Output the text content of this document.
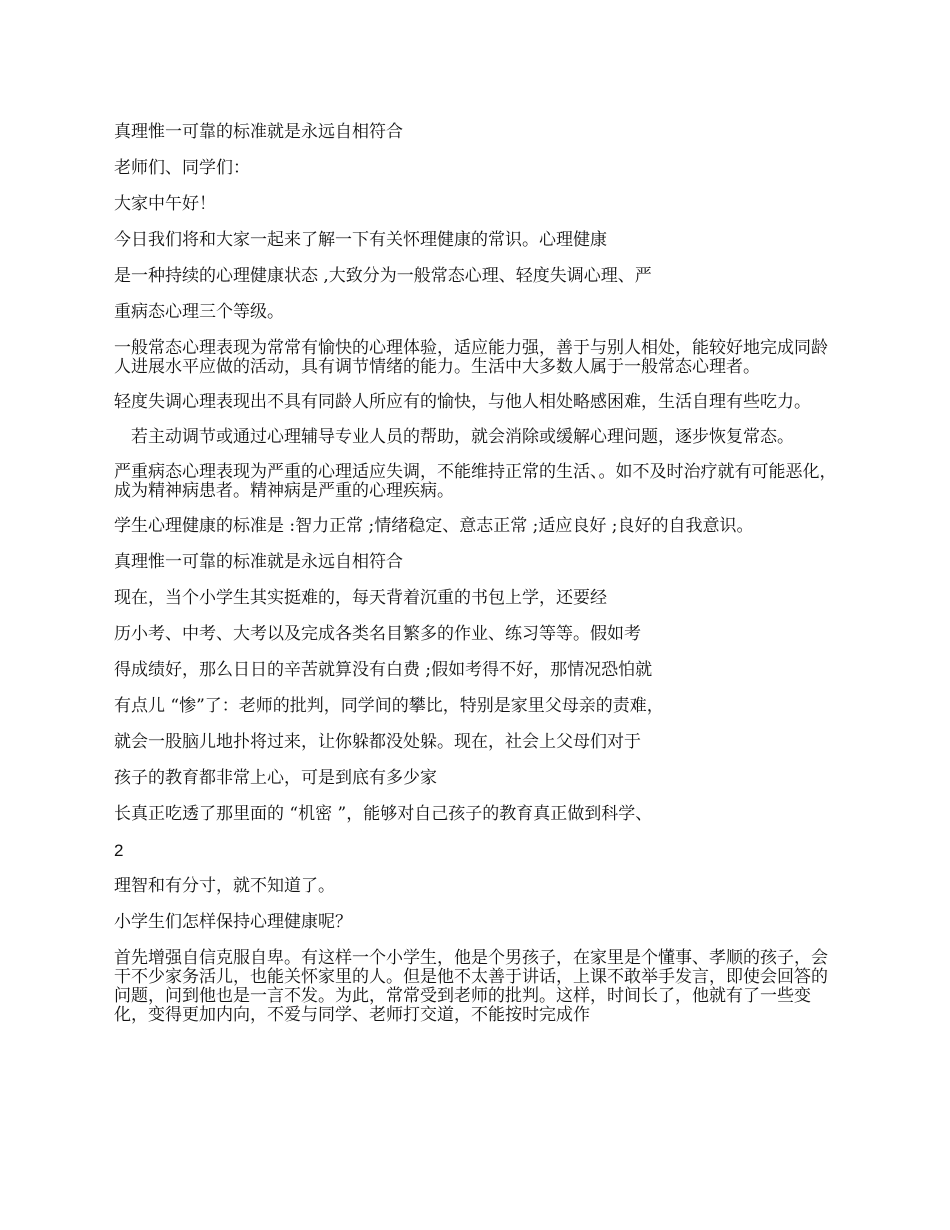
真理惟一可靠的标准就是永远自相符合

老师们、同学们：

大家中午好！

今日我们将和大家一起来了解一下有关怀理健康的常识。心理健康

是一种持续的心理健康状态 ,大致分为一般常态心理、轻度失调心理、严

重病态心理三个等级。

一般常态心理表现为常常有愉快的心理体验，适应能力强，善于与别人相处，能较好地完成同龄人进展水平应做的活动，具有调节情绪的能力。生活中大多数人属于一般常态心理者。

轻度失调心理表现出不具有同龄人所应有的愉快，与他人相处略感困难，生活自理有些吃力。

若主动调节或通过心理辅导专业人员的帮助，就会消除或缓解心理问题，逐步恢复常态。

严重病态心理表现为严重的心理适应失调，不能维持正常的生活、。如不及时治疗就有可能恶化，成为精神病患者。精神病是严重的心理疾病。

学生心理健康的标准是 :智力正常 ;情绪稳定、意志正常 ;适应良好 ;良好的自我意识。

真理惟一可靠的标准就是永远自相符合

现在，当个小学生其实挺难的，每天背着沉重的书包上学，还要经

历小考、中考、大考以及完成各类名目繁多的作业、练习等等。假如考

得成绩好，那么日日的辛苦就算没有白费 ;假如考得不好，那情况恐怕就

有点儿 “惨”了：老师的批判，同学间的攀比，特别是家里父母亲的责难，

就会一股脑儿地扑将过来，让你躲都没处躲。现在，社会上父母们对于

孩子的教育都非常上心，可是到底有多少家

长真正吃透了那里面的 “机密 ”，能够对自己孩子的教育真正做到科学、

2

理智和有分寸，就不知道了。

小学生们怎样保持心理健康呢？

首先增强自信克服自卑。有这样一个小学生，他是个男孩子，在家里是个懂事、孝顺的孩子，会干不少家务活儿，也能关怀家里的人。但是他不太善于讲话，上课不敢举手发言，即使会回答的问题，问到他也是一言不发。为此，常常受到老师的批判。这样，时间长了，他就有了一些变化，变得更加内向，不爱与同学、老师打交道，不能按时完成作
